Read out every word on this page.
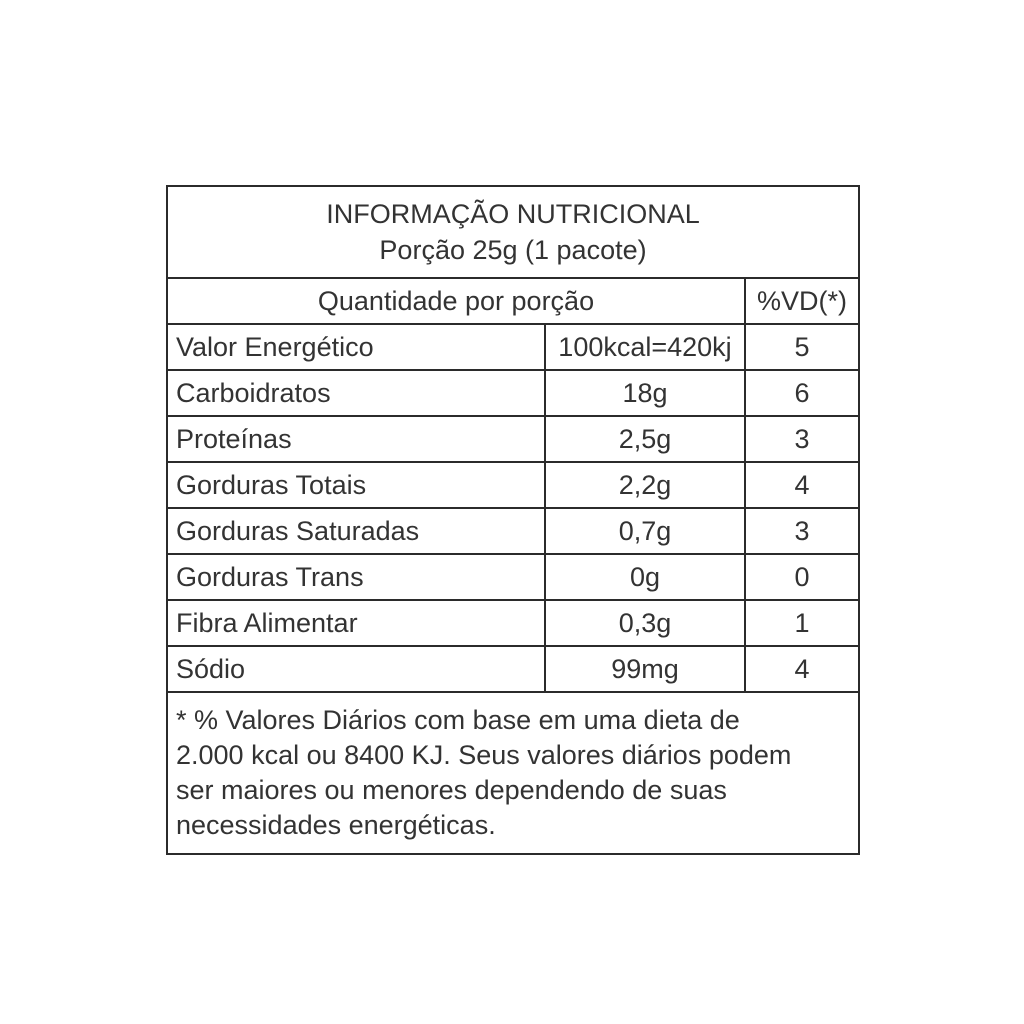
INFORMAÇÃO NUTRICIONAL
Porção 25g (1 pacote)		

Quantidade por porção		%VD(*)
Valor Energético	100kcal=420kj	5
Carboidratos	18g	6
Proteínas	2,5g	3
Gorduras Totais	2,2g	4
Gorduras Saturadas	0,7g	3
Gorduras Trans	0g	0
Fibra Alimentar	0,3g	1
Sódio	99mg	4

* % Valores Diários com base em uma dieta de
2.000 kcal ou 8400 KJ. Seus valores diários podem
ser maiores ou menores dependendo de suas
necessidades energéticas.		
